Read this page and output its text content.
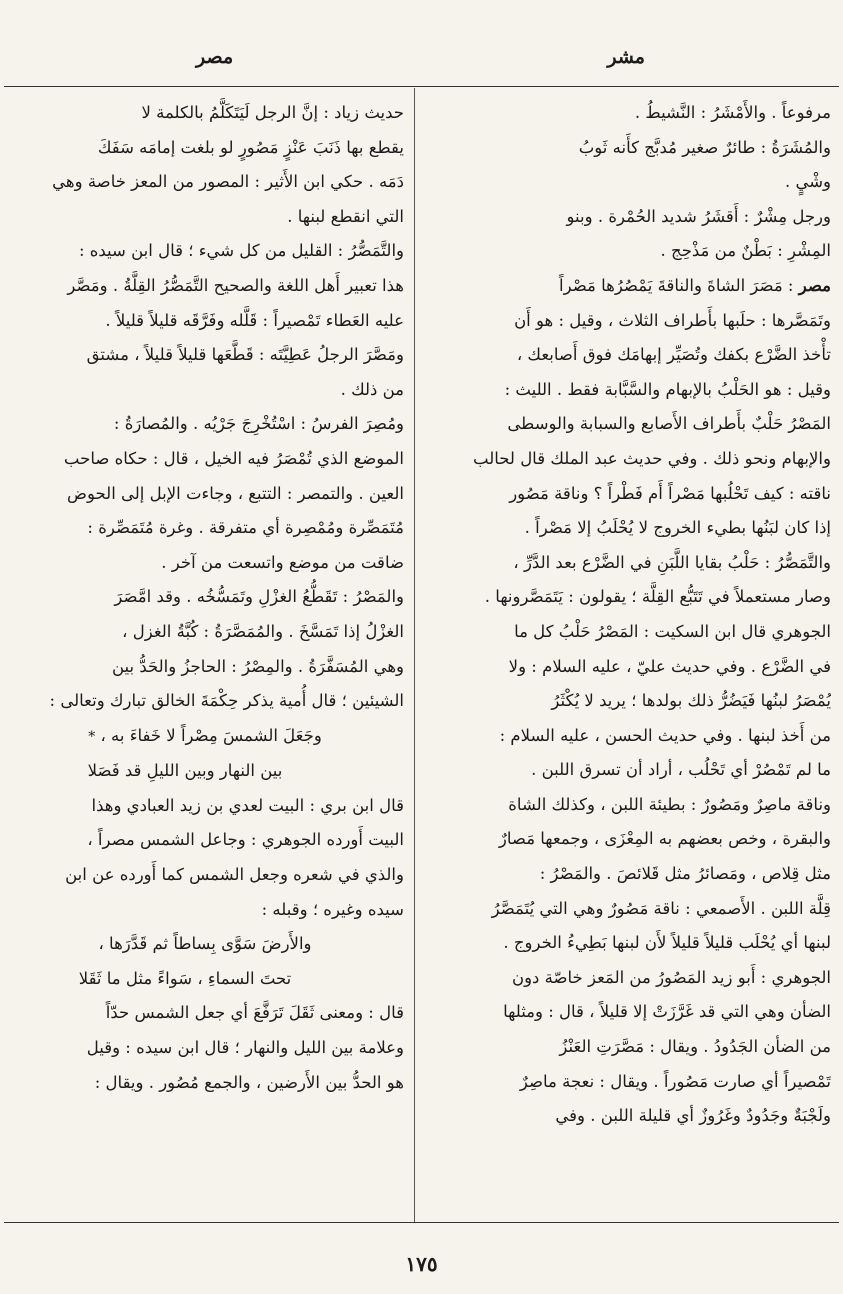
مشر
مصر

مرفوعاً . والأَمْشَرُ : النَّشيطُ .

والمُشَرَةُ : طائرٌ صغير مُدبَّج كأَنه ثَوبُ

وشْيٍ .

ورجل مِشْرٌ : أَقشَرُ شديد الحُمْرة . وبنو

المِشْرِ : بَطْنٌ من مَذْحِج .

مصر : مَصَرَ الشاةَ والناقةَ يَمْصُرُها مَصْراً

وتَمَصَّرها : حلَبها بأَطراف الثلاث ، وقيل : هو أَن

تأْخذ الضَّرْع بكفك وتُصَيِّر إبهامَك فوق أَصابعك ،

وقيل : هو الحَلْبُ بالإبهام والسَّبَّابة فقط . الليث :

المَصْرُ حَلْبٌ بأَطراف الأَصابع والسبابة والوسطى

والإبهام ونحو ذلك . وفي حديث عبد الملك قال لحالب

ناقته : كيف تَحْلُبها مَصْراً أَم فَطْراً ؟ وناقة مَصُور

إذا كان لبَنُها بطيء الخروج لا يُحْلَبُ إلا مَصْراً .

والتَّمَصُّرُ : حَلْبُ بقايا اللَّبَنِ في الضَّرْع بعد الدَّرِّ ،

وصار مستعملاً في تَتَبُّع القِلَّة ؛ يقولون : يَتَمَصَّرونها .

الجوهري قال ابن السكيت : المَصْرُ حَلْبُ كل ما

في الضَّرْع . وفي حديث عليّ ، عليه السلام : ولا

يُمْصَرُ لبنُها فَيَضُرُّ ذلك بولدها ؛ يريد لا يُكْثَرُ

من أَخذ لبنها . وفي حديث الحسن ، عليه السلام :

ما لم تَمْصُرْ أي تَحْلُب ، أراد أن تسرق اللبن .

وناقة ماصِرٌ ومَصُورٌ : بطيئة اللبن ، وكذلك الشاة

والبقرة ، وخص بعضهم به المِعْزَى ، وجمعها مَصارٌ

مثل قِلاص ، ومَصائرُ مثل قَلائصَ . والمَصْرُ :

قِلَّة اللبن . الأَصمعي : ناقة مَصُورٌ وهي التي يُتَمَصَّرُ

لبنها أي يُحْلَب قليلاً قليلاً لأَن لبنها بَطِيءُ الخروج .

الجوهري : أَبو زيد المَصُورُ من المَعز خاصّة دون

الضأن وهي التي قد غَرَّزَتْ إلا قليلاً ، قال : ومثلها

من الضأن الجَدُودُ . ويقال : مَصَّرَتِ العَنْزُ

تَمْصيراً أي صارت مَصُوراً . ويقال : نعجة ماصِرٌ

ولَجْبَةٌ وجَدُودٌ وغَرُوزٌ أي قليلة اللبن . وفي

حديث زياد : إنَّ الرجل لَيَتَكَلَّمُ بالكلمة لا

يقطع بها ذَنَبَ عَنْزٍ مَصُورٍ لو بلغت إمامَه سَفَكَ

دَمَه . حكي ابن الأَثير : المصور من المعز خاصة وهي

التي انقطع لبنها .

والتَّمَصُّرُ : القليل من كل شيء ؛ قال ابن سيده :

هذا تعبير أَهل اللغة والصحيح التَّمَصُّرُ القِلَّةُ . ومَصَّر

عليه العَطاء تَمْصيراً : قَلَّله وفَرَّقَه قليلاً قليلاً .

ومَصَّرَ الرجلُ عَطِيَّتَه : قَطَّعَها قليلاً قليلاً ، مشتق

من ذلك .

ومُصِرَ الفرسُ : اسْتُخْرِجَ جَرْيُه . والمُصارَةُ :

الموضع الذي تُمْصَرُ فيه الخيل ، قال : حكاه صاحب

العين . والتمصر : التتبع ، وجاءت الإبل إلى الحوض

مُتَمَصِّرة ومُمْصِرة أي متفرقة . وغرة مُتَمَصِّرة :

ضاقت من موضع واتسعت من آخر .

والمَصْرُ : تَقَطُّعُ الغزْلِ وتَمَسُّخُه . وقد امَّصَرَ

الغزْلُ إذا تَمَسَّخَ . والمُمَصَّرَةُ : كُبَّةُ الغزل ،

وهي المُسَفَّرَةُ . والمِصْرُ : الحاجزُ والحَدُّ بين

الشيئين ؛ قال أُمية يذكر حِكْمَةَ الخالق تبارك وتعالى :

وجَعَلَ الشمسَ مِصْراً لا خَفاءَ به ، *

بين النهار وبين الليلِ قد فَصَلا

قال ابن بري : البيت لعدي بن زيد العبادي وهذا

البيت أَورده الجوهري : وجاعل الشمس مصراً ،

والذي في شعره وجعل الشمس كما أَورده عن ابن

سيده وغيره ؛ وقبله :

والأَرضَ سَوَّى بِساطاً ثم قَدَّرَها ،

تحتَ السماءِ ، سَواءً مثل ما ثَقَلا

قال : ومعنى ثَقَلَ تَرَفَّعَ أي جعل الشمس حدّاً

وعلامة بين الليل والنهار ؛ قال ابن سيده : وقيل

هو الحدُّ بين الأَرضين ، والجمع مُصُور . ويقال :

١٧٥
